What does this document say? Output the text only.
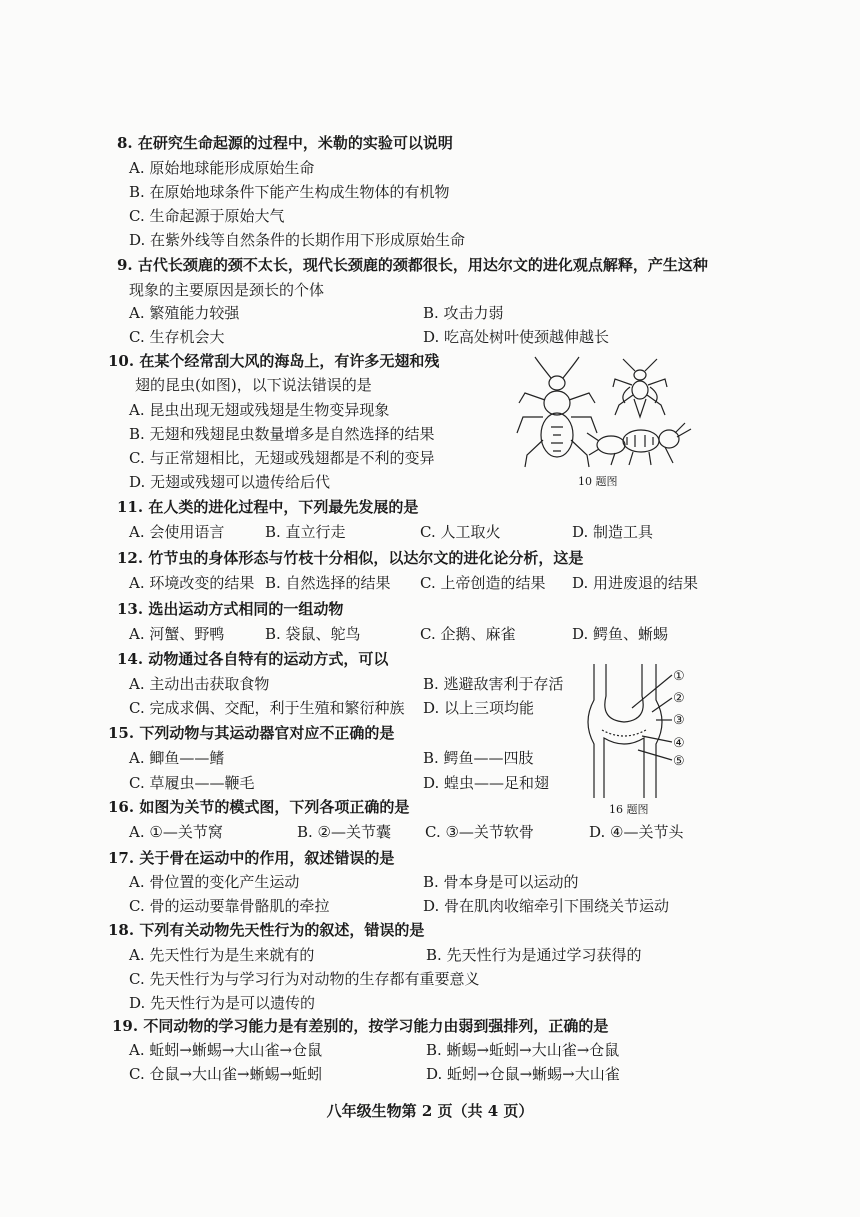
8. 在研究生命起源的过程中，米勒的实验可以说明
A. 原始地球能形成原始生命
B. 在原始地球条件下能产生构成生物体的有机物
C. 生命起源于原始大气
D. 在紫外线等自然条件的长期作用下形成原始生命
9. 古代长颈鹿的颈不太长，现代长颈鹿的颈都很长，用达尔文的进化观点解释，产生这种
现象的主要原因是颈长的个体
A. 繁殖能力较强	B. 攻击力弱
C. 生存机会大	D. 吃高处树叶使颈越伸越长
10. 在某个经常刮大风的海岛上，有许多无翅和残
翅的昆虫(如图)，以下说法错误的是
A. 昆虫出现无翅或残翅是生物变异现象
B. 无翅和残翅昆虫数量增多是自然选择的结果
C. 与正常翅相比，无翅或残翅都是不利的变异
D. 无翅或残翅可以遗传给后代	10 题图
11. 在人类的进化过程中，下列最先发展的是
A. 会使用语言	B. 直立行走	C. 人工取火	D. 制造工具
12. 竹节虫的身体形态与竹枝十分相似，以达尔文的进化论分析，这是
A. 环境改变的结果 B. 自然选择的结果 C. 上帝创造的结果 D. 用进废退的结果
13. 选出运动方式相同的一组动物
A. 河蟹、野鸭	B. 袋鼠、鸵鸟	C. 企鹅、麻雀	D. 鳄鱼、蜥蜴
14. 动物通过各自特有的运动方式，可以
A. 主动出击获取食物	B. 逃避敌害利于存活
C. 完成求偶、交配，利于生殖和繁衍种族 D. 以上三项均能
15. 下列动物与其运动器官对应不正确的是
A. 鲫鱼——鳍	B. 鳄鱼——四肢
C. 草履虫——鞭毛	D. 蝗虫——足和翅
①
②
③
④
⑤
16 题图
16. 如图为关节的模式图，下列各项正确的是
A. ①—关节窝	B. ②—关节囊 C. ③—关节软骨	D. ④—关节头
17. 关于骨在运动中的作用，叙述错误的是
A. 骨位置的变化产生运动	B. 骨本身是可以运动的
C. 骨的运动要靠骨骼肌的牵拉	D. 骨在肌肉收缩牵引下围绕关节运动
18. 下列有关动物先天性行为的叙述，错误的是
A. 先天性行为是生来就有的	B. 先天性行为是通过学习获得的
C. 先天性行为与学习行为对动物的生存都有重要意义
D. 先天性行为是可以遗传的
19. 不同动物的学习能力是有差别的，按学习能力由弱到强排列，正确的是
A. 蚯蚓→蜥蜴→大山雀→仓鼠	B. 蜥蜴→蚯蚓→大山雀→仓鼠
C. 仓鼠→大山雀→蜥蜴→蚯蚓	D. 蚯蚓→仓鼠→蜥蜴→大山雀
八年级生物第 2 页（共 4 页）
